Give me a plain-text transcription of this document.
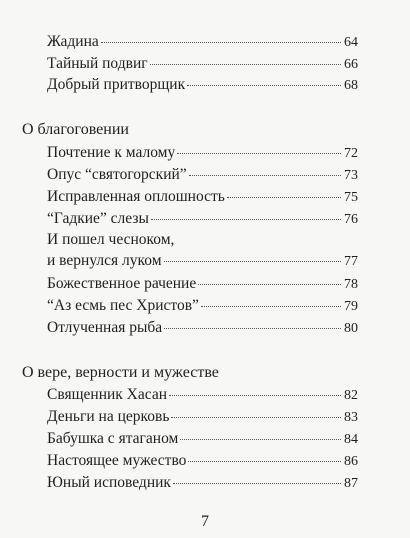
Жадина	64
Тайный подвиг	66
Добрый притворщик	68
О благоговении
Почтение к малому	72
Опус “святогорский”	73
Исправленная оплошность	75
“Гадкие” слезы	76
И пошел чесноком,
и вернулся луком	77
Божественное рачение	78
“Аз есмь пес Христов”	79
Отлученная рыба	80
О вере, верности и мужестве
Священник Хасан	82
Деньги на церковь	83
Бабушка с ятаганом	84
Настоящее мужество	86
Юный исповедник	87
7
